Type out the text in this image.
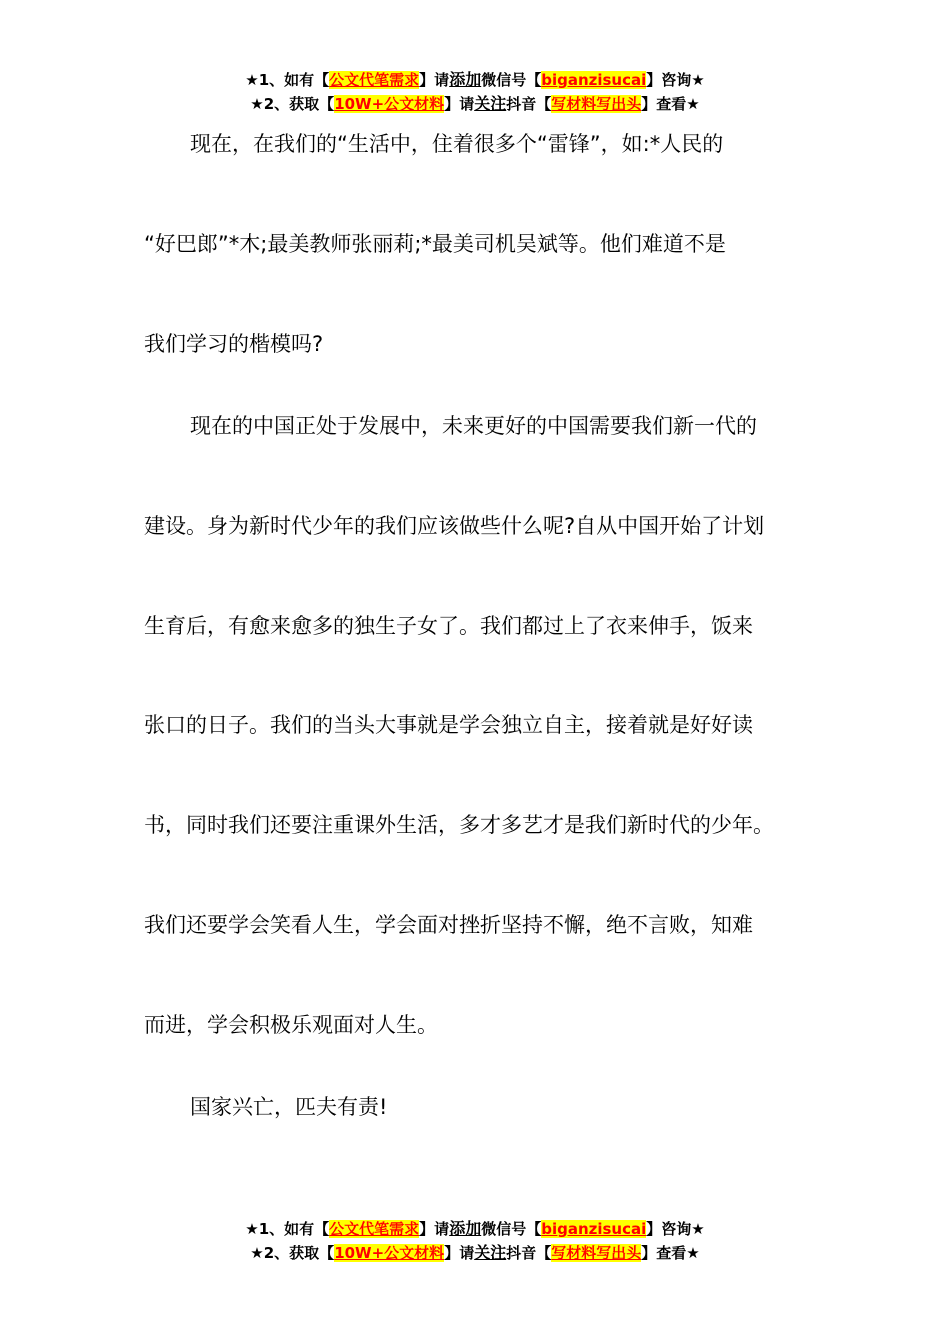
★1、如有【公文代笔需求】请添加微信号【biganzisucai】咨询★
★2、获取【10W+公文材料】请关注抖音【写材料写出头】查看★
现在，在我们的“生活中，住着很多个“雷锋”，如:*人民的
“好巴郎”*木;最美教师张丽莉;*最美司机吴斌等。他们难道不是
我们学习的楷模吗?
现在的中国正处于发展中，未来更好的中国需要我们新一代的
建设。身为新时代少年的我们应该做些什么呢?自从中国开始了计划
生育后，有愈来愈多的独生子女了。我们都过上了衣来伸手，饭来
张口的日子。我们的当头大事就是学会独立自主，接着就是好好读
书，同时我们还要注重课外生活，多才多艺才是我们新时代的少年。
我们还要学会笑看人生，学会面对挫折坚持不懈，绝不言败，知难
而进，学会积极乐观面对人生。
国家兴亡，匹夫有责!
★1、如有【公文代笔需求】请添加微信号【biganzisucai】咨询★
★2、获取【10W+公文材料】请关注抖音【写材料写出头】查看★
